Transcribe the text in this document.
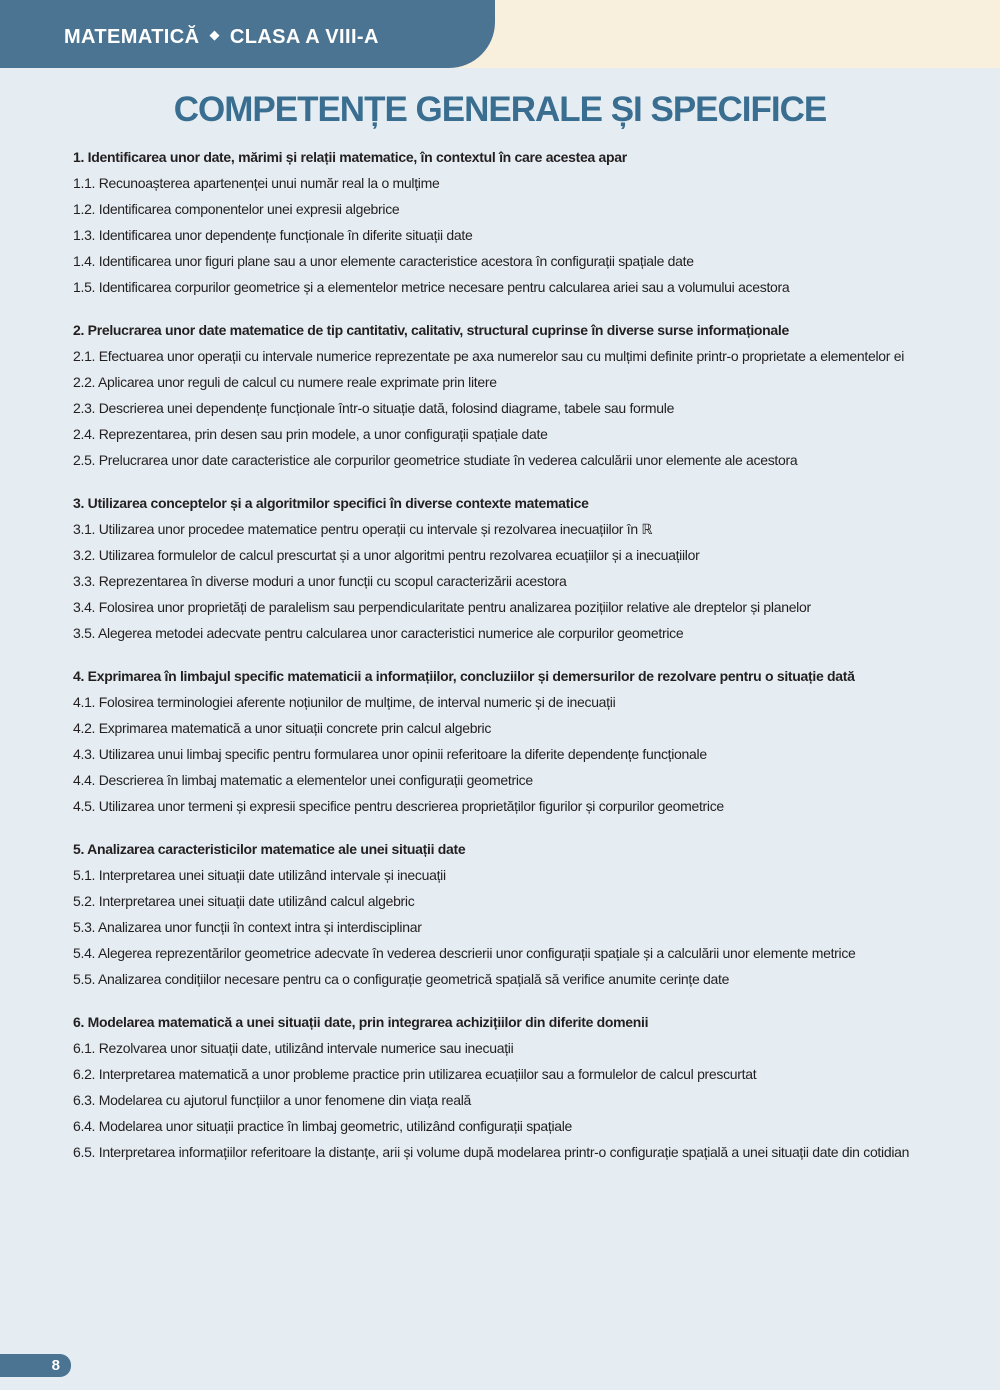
MATEMATICĂ ◆ CLASA A VIII-A
COMPETENȚE GENERALE ȘI SPECIFICE

1. Identificarea unor date, mărimi și relații matematice, în contextul în care acestea apar

1.1. Recunoașterea apartenenței unui număr real la o mulțime

1.2. Identificarea componentelor unei expresii algebrice

1.3. Identificarea unor dependențe funcționale în diferite situații date

1.4. Identificarea unor figuri plane sau a unor elemente caracteristice acestora în configurații spațiale date

1.5. Identificarea corpurilor geometrice și a elementelor metrice necesare pentru calcularea ariei sau a volumului acestora

2. Prelucrarea unor date matematice de tip cantitativ, calitativ, structural cuprinse în diverse surse informaționale

2.1. Efectuarea unor operații cu intervale numerice reprezentate pe axa numerelor sau cu mulțimi definite printr-o proprietate a elementelor ei

2.2. Aplicarea unor reguli de calcul cu numere reale exprimate prin litere

2.3. Descrierea unei dependențe funcționale într-o situație dată, folosind diagrame, tabele sau formule

2.4. Reprezentarea, prin desen sau prin modele, a unor configurații spațiale date

2.5. Prelucrarea unor date caracteristice ale corpurilor geometrice studiate în vederea calculării unor elemente ale acestora

3. Utilizarea conceptelor și a algoritmilor specifici în diverse contexte matematice

3.1. Utilizarea unor procedee matematice pentru operații cu intervale și rezolvarea inecuațiilor în ℝ

3.2. Utilizarea formulelor de calcul prescurtat și a unor algoritmi pentru rezolvarea ecuațiilor și a inecuațiilor

3.3. Reprezentarea în diverse moduri a unor funcții cu scopul caracterizării acestora

3.4. Folosirea unor proprietăți de paralelism sau perpendicularitate pentru analizarea pozițiilor relative ale dreptelor și planelor

3.5. Alegerea metodei adecvate pentru calcularea unor caracteristici numerice ale corpurilor geometrice

4. Exprimarea în limbajul specific matematicii a informațiilor, concluziilor și demersurilor de rezolvare pentru o situație dată

4.1. Folosirea terminologiei aferente noțiunilor de mulțime, de interval numeric și de inecuații

4.2. Exprimarea matematică a unor situații concrete prin calcul algebric

4.3. Utilizarea unui limbaj specific pentru formularea unor opinii referitoare la diferite dependențe funcționale

4.4. Descrierea în limbaj matematic a elementelor unei configurații geometrice

4.5. Utilizarea unor termeni și expresii specifice pentru descrierea proprietăților figurilor și corpurilor geometrice

5. Analizarea caracteristicilor matematice ale unei situații date

5.1. Interpretarea unei situații date utilizând intervale și inecuații

5.2. Interpretarea unei situații date utilizând calcul algebric

5.3. Analizarea unor funcții în context intra și interdisciplinar

5.4. Alegerea reprezentărilor geometrice adecvate în vederea descrierii unor configurații spațiale și a calculării unor elemente metrice

5.5. Analizarea condițiilor necesare pentru ca o configurație geometrică spațială să verifice anumite cerințe date

6. Modelarea matematică a unei situații date, prin integrarea achizițiilor din diferite domenii

6.1. Rezolvarea unor situații date, utilizând intervale numerice sau inecuații

6.2. Interpretarea matematică a unor probleme practice prin utilizarea ecuațiilor sau a formulelor de calcul prescurtat

6.3. Modelarea cu ajutorul funcțiilor a unor fenomene din viața reală

6.4. Modelarea unor situații practice în limbaj geometric, utilizând configurații spațiale

6.5. Interpretarea informațiilor referitoare la distanțe, arii și volume după modelarea printr-o configurație spațială a unei situații date din cotidian

8
